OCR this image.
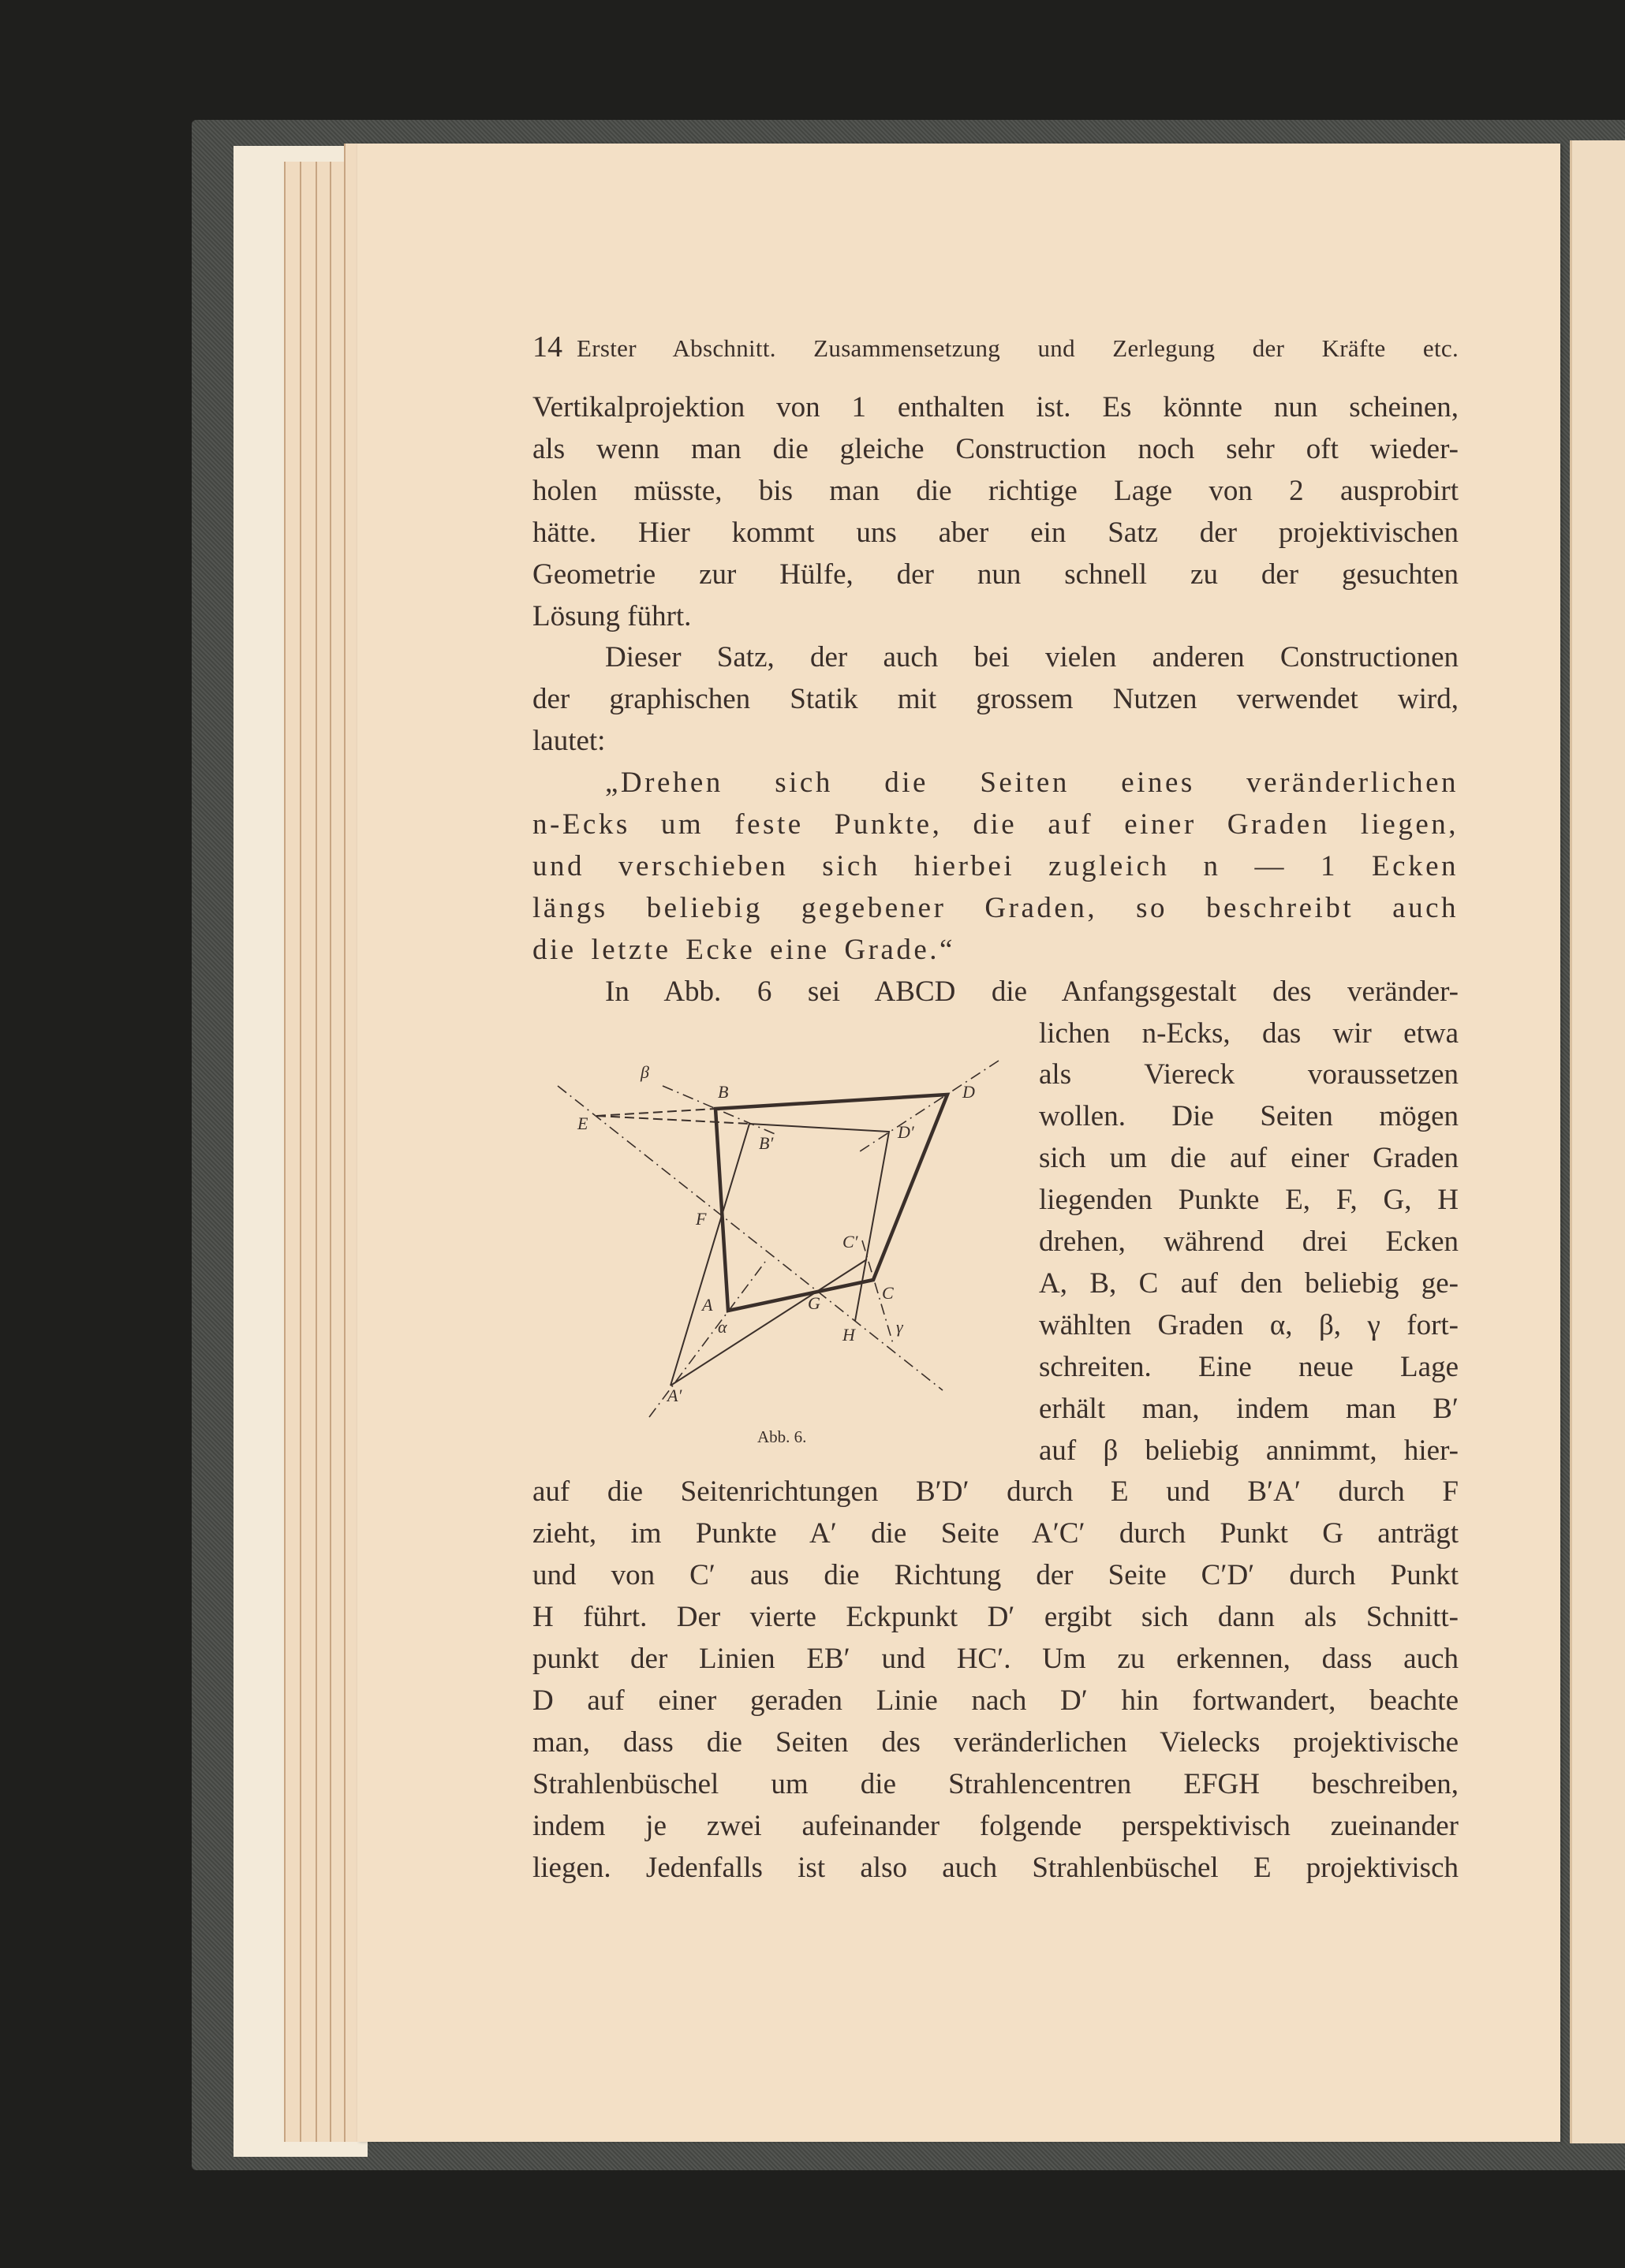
14 Erster Abschnitt. Zusammensetzung und Zerlegung der Kräfte etc.
Vertikalprojektion von 1 enthalten ist. Es könnte nun scheinen,
als wenn man die gleiche Construction noch sehr oft wieder-
holen müsste, bis man die richtige Lage von 2 ausprobirt
hätte. Hier kommt uns aber ein Satz der projektivischen
Geometrie zur Hülfe, der nun schnell zu der gesuchten
Lösung führt.
Dieser Satz, der auch bei vielen anderen Constructionen
der graphischen Statik mit grossem Nutzen verwendet wird,
lautet:
„Drehen sich die Seiten eines veränderlichen
n-Ecks um feste Punkte, die auf einer Graden liegen,
und verschieben sich hierbei zugleich n — 1 Ecken
längs beliebig gegebener Graden, so beschreibt auch
die letzte Ecke eine Grade.“
In Abb. 6 sei ABCD die Anfangsgestalt des veränder-
lichen n-Ecks, das wir etwa
als Viereck voraussetzen
wollen. Die Seiten mögen
sich um die auf einer Graden
liegenden Punkte E, F, G, H
drehen, während drei Ecken
A, B, C auf den beliebig ge-
wählten Graden α, β, γ fort-
schreiten. Eine neue Lage
erhält man, indem man B′
auf β beliebig annimmt, hier-
auf die Seitenrichtungen B′D′ durch E und B′A′ durch F
zieht, im Punkte A′ die Seite A′C′ durch Punkt G anträgt
und von C′ aus die Richtung der Seite C′D′ durch Punkt
H führt. Der vierte Eckpunkt D′ ergibt sich dann als Schnitt-
punkt der Linien EB′ und HC′. Um zu erkennen, dass auch
D auf einer geraden Linie nach D′ hin fortwandert, beachte
man, dass die Seiten des veränderlichen Vielecks projektivische
Strahlenbüschel um die Strahlencentren EFGH beschreiben,
indem je zwei aufeinander folgende perspektivisch zueinander
liegen. Jedenfalls ist also auch Strahlenbüschel E projektivisch
β
B	D
E
B′
D′
F
C′
C
A	G
α	H γ
A′
Abb. 6.
